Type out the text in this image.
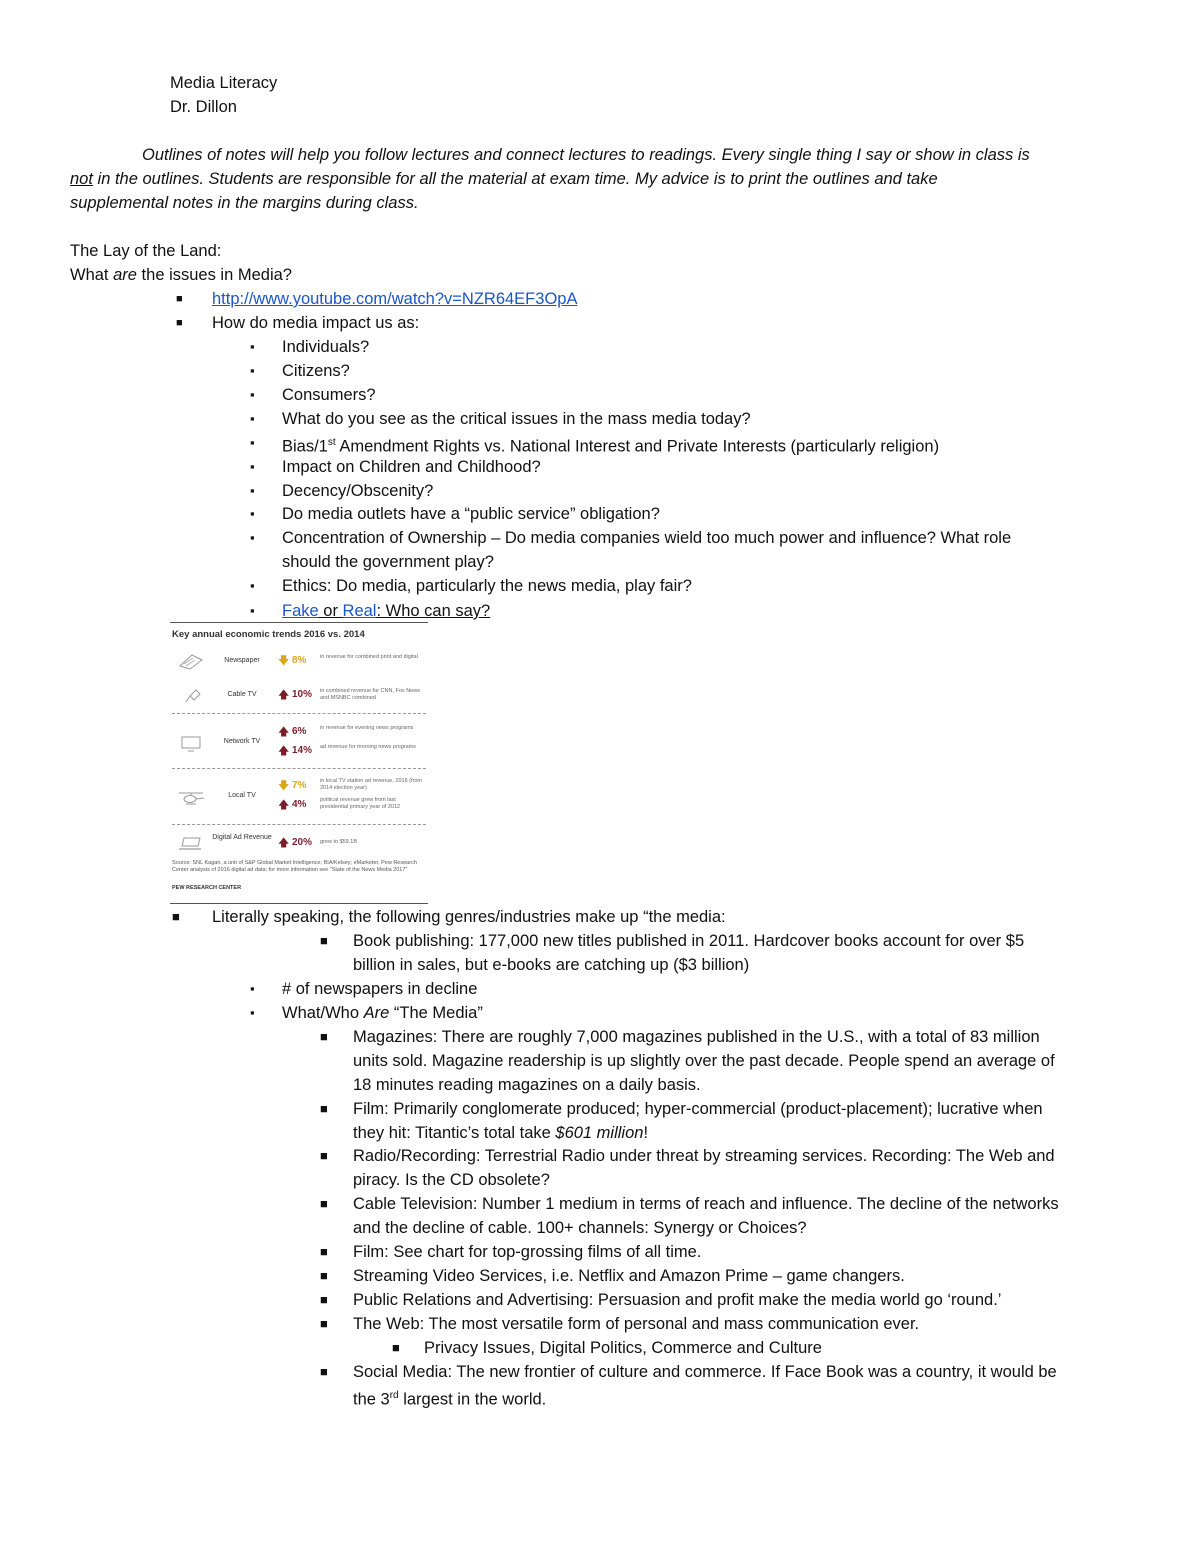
Media Literacy
Dr. Dillon
Outlines of notes will help you follow lectures and connect lectures to readings. Every single thing I say or show in class is
not in the outlines. Students are responsible for all the material at exam time. My advice is to print the outlines and take
supplemental notes in the margins during class.
The Lay of the Land:
What are the issues in Media?
■ http://www.youtube.com/watch?v=NZR64EF3OpA
■ How do media impact us as:
▪ Individuals?
▪ Citizens?
▪ Consumers?
▪ What do you see as the critical issues in the mass media today?
▪ Bias/1st Amendment Rights vs. National Interest and Private Interests (particularly religion)
▪ Impact on Children and Childhood?
▪ Decency/Obscenity?
▪ Do media outlets have a “public service” obligation?
▪ Concentration of Ownership – Do media companies wield too much power and influence? What role
should the government play?
▪ Ethics: Do media, particularly the news media, play fair?
▪ Fake or Real: Who can say?
Key annual economic trends 2016 vs. 2014
Newspaper	🡇 8% in revenue for combined print and digital
Cable TV	🡅 10% in combined revenue for CNN, Fox News and MSNBC combined
Network TV
🡅 6% in revenue for evening news programs
🡅 14% ad revenue for morning news programs
Local TV
🡇 7% in local TV station ad revenue, 2016 (from 2014 election year)
🡅 4% political revenue grew from last presidential primary year of 2012
Digital Ad Revenue 🡅 20% grew to $59.1B
Source: SNL Kagan, a unit of S&P Global Market Intelligence; BIA/Kelsey; eMarketer, Pew Research Center analysis of 2016 digital ad data; for more information see "State of the News Media 2017"
PEW RESEARCH CENTER
■ Literally speaking, the following genres/industries make up “the media:
■ Book publishing: 177,000 new titles published in 2011. Hardcover books account for over $5
billion in sales, but e-books are catching up ($3 billion)
▪ # of newspapers in decline
▪ What/Who Are “The Media”
■ Magazines: There are roughly 7,000 magazines published in the U.S., with a total of 83 million
units sold. Magazine readership is up slightly over the past decade. People spend an average of
18 minutes reading magazines on a daily basis.
■ Film: Primarily conglomerate produced; hyper-commercial (product-placement); lucrative when
they hit: Titantic’s total take $601 million!
■ Radio/Recording: Terrestrial Radio under threat by streaming services. Recording: The Web and
piracy. Is the CD obsolete?
■ Cable Television: Number 1 medium in terms of reach and influence. The decline of the networks
and the decline of cable. 100+ channels: Synergy or Choices?
■ Film: See chart for top-grossing films of all time.
■ Streaming Video Services, i.e. Netflix and Amazon Prime – game changers.
■ Public Relations and Advertising: Persuasion and profit make the media world go ‘round.’
■ The Web: The most versatile form of personal and mass communication ever.
■ Privacy Issues, Digital Politics, Commerce and Culture
■ Social Media: The new frontier of culture and commerce. If Face Book was a country, it would be
the 3rd largest in the world.
